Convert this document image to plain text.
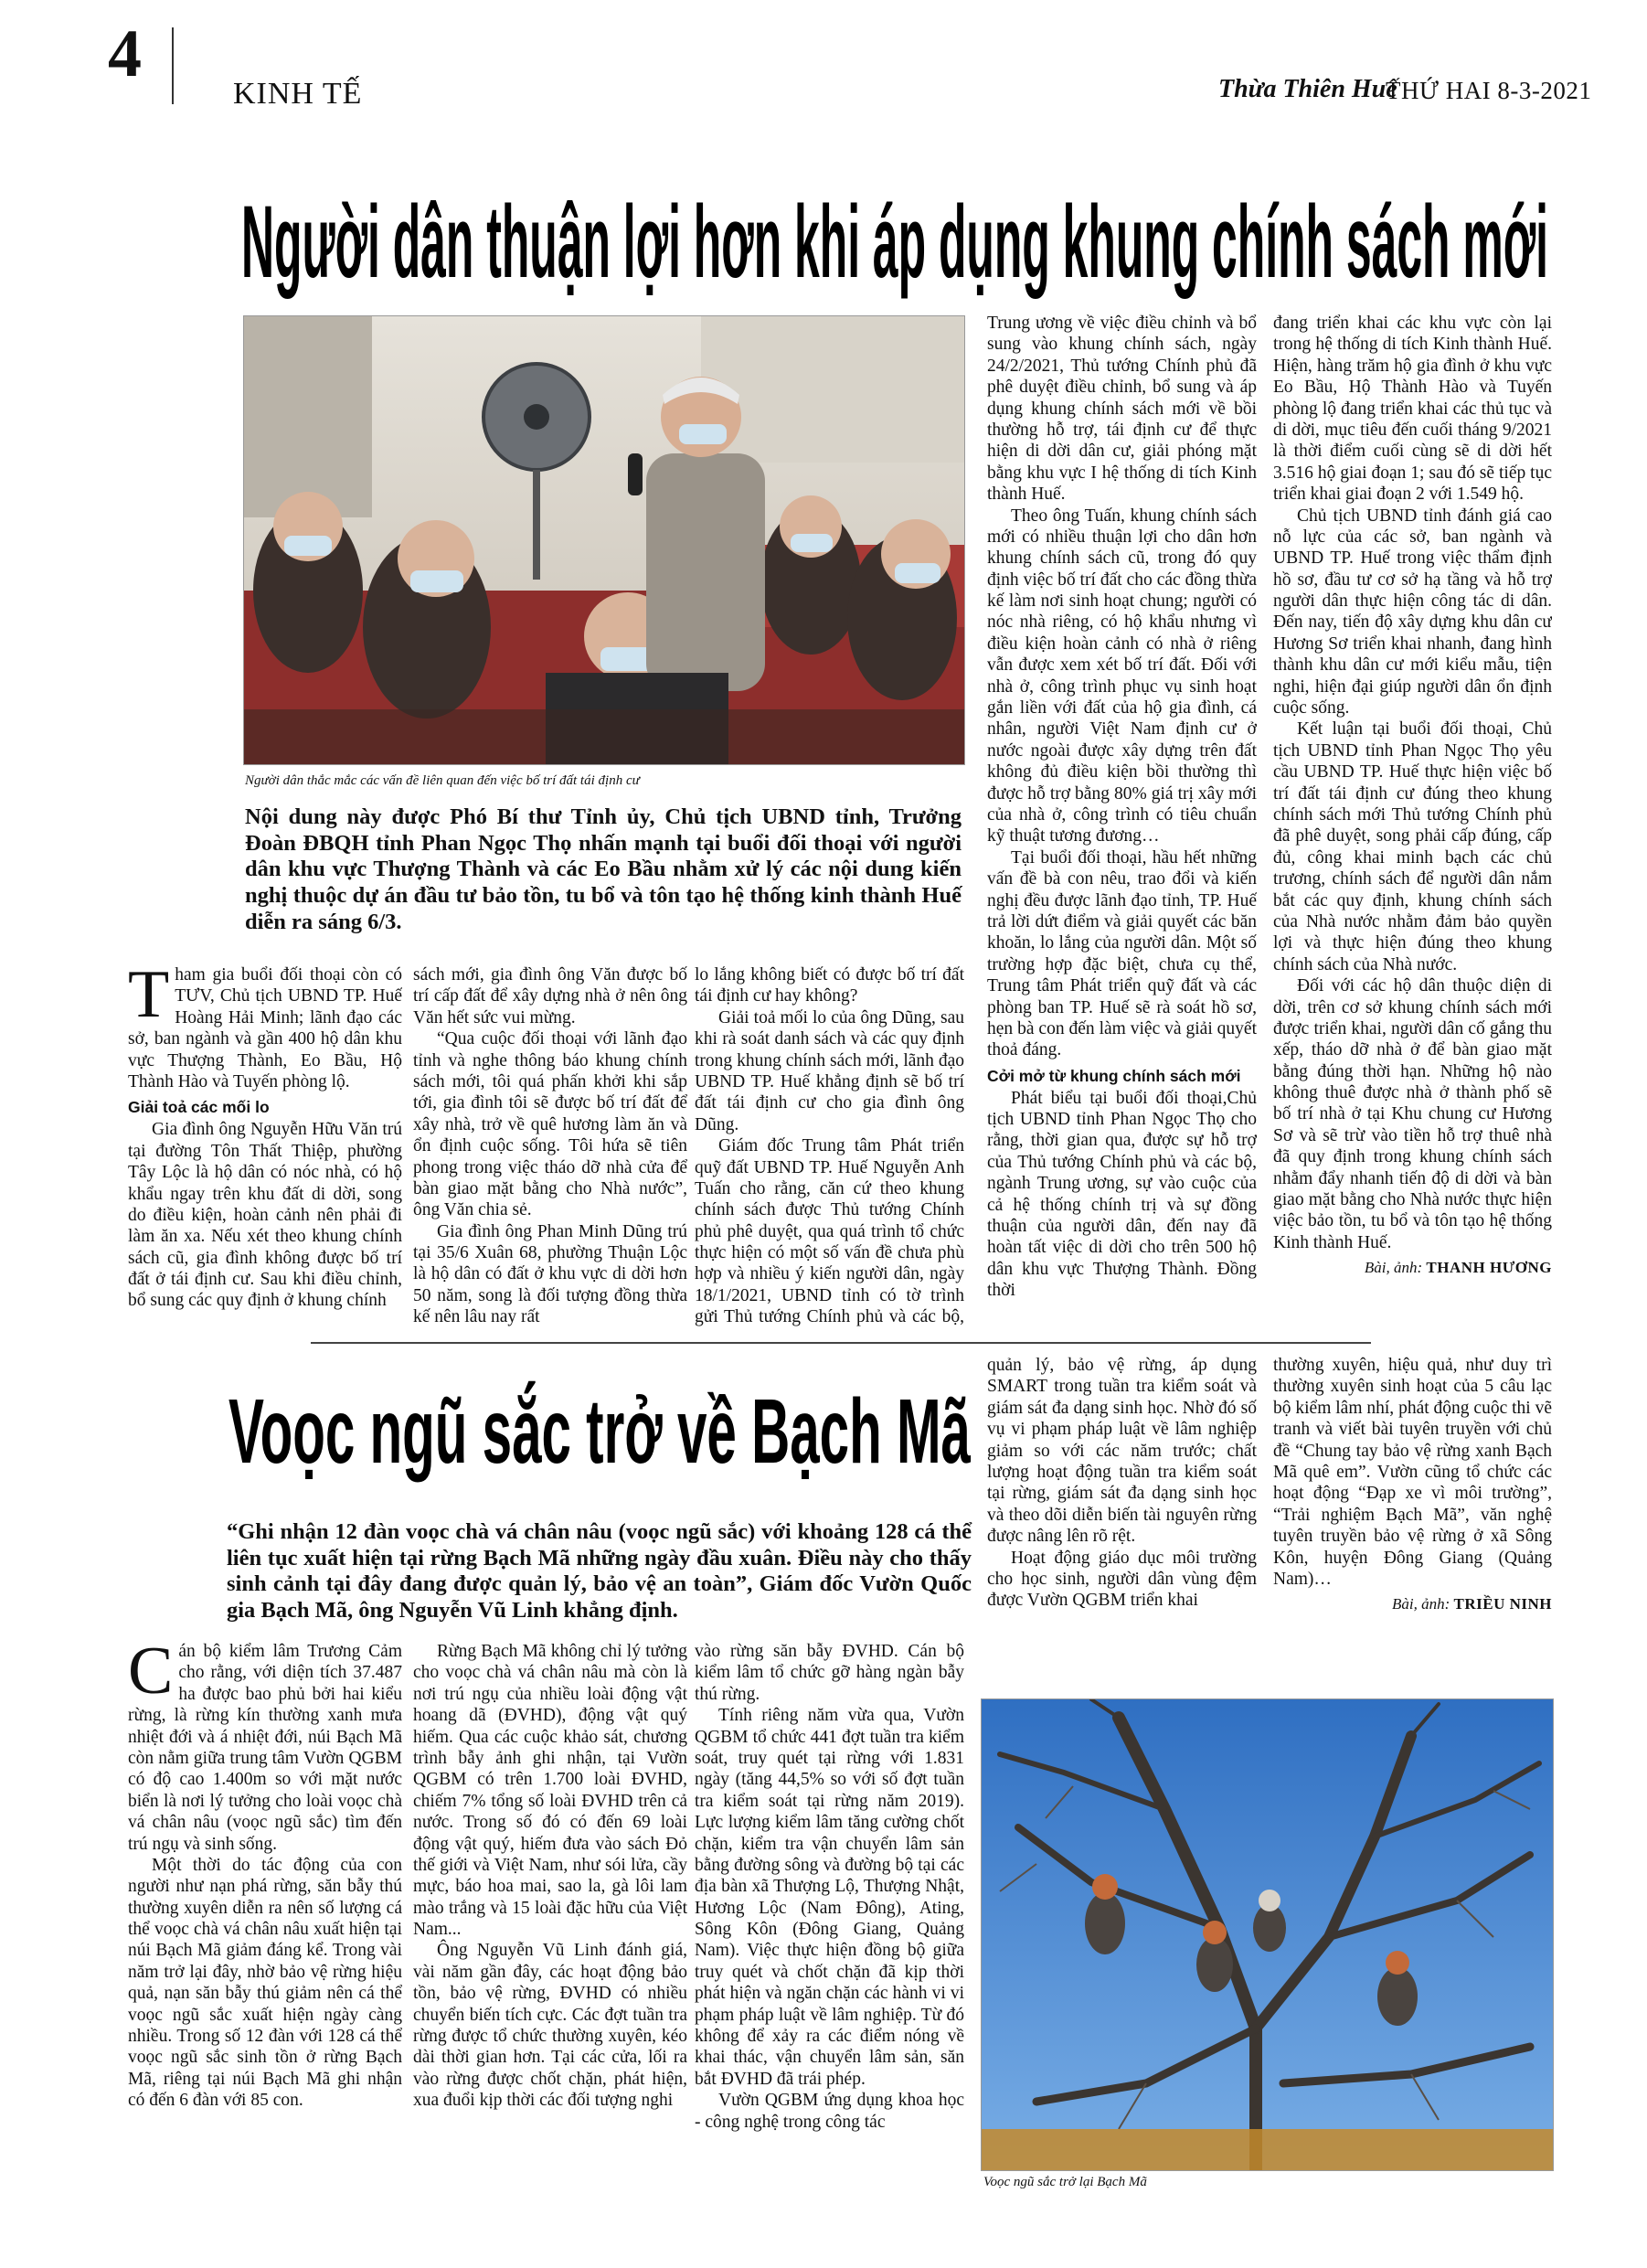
4
KINH TẾ	Thừa Thiên Huế
THỨ HAI 8-3-2021
Người dân thuận lợi hơn khi áp dụng khung chính sách mới
Người dân thắc mắc các vấn đề liên quan đến việc bố trí đất tái định cư
Nội dung này được Phó Bí thư Tỉnh ủy, Chủ tịch UBND tỉnh, Trưởng Đoàn ĐBQH tỉnh Phan Ngọc Thọ nhấn mạnh tại buổi đối thoại với người dân khu vực Thượng Thành và các Eo Bầu nhằm xử lý các nội dung kiến nghị thuộc dự án đầu tư bảo tồn, tu bổ và tôn tạo hệ thống kinh thành Huế diễn ra sáng 6/3.

Tham gia buổi đối thoại còn có TƯV, Chủ tịch UBND TP. Huế Hoàng Hải Minh; lãnh đạo các sở, ban ngành và gần 400 hộ dân khu vực Thượng Thành, Eo Bầu, Hộ Thành Hào và Tuyến phòng lộ.

Giải toả các mối lo

Gia đình ông Nguyễn Hữu Văn trú tại đường Tôn Thất Thiệp, phường Tây Lộc là hộ dân có nóc nhà, có hộ khẩu ngay trên khu đất di dời, song do điều kiện, hoàn cảnh nên phải đi làm ăn xa. Nếu xét theo khung chính sách cũ, gia đình không được bố trí đất ở tái định cư. Sau khi điều chỉnh, bổ sung các quy định ở khung chính

sách mới, gia đình ông Văn được bố trí cấp đất để xây dựng nhà ở nên ông Văn hết sức vui mừng.

“Qua cuộc đối thoại với lãnh đạo tỉnh và nghe thông báo khung chính sách mới, tôi quá phấn khởi khi sắp tới, gia đình tôi sẽ được bố trí đất để xây nhà, trở về quê hương làm ăn và ổn định cuộc sống. Tôi hứa sẽ tiên phong trong việc tháo dỡ nhà cửa để bàn giao mặt bằng cho Nhà nước”, ông Văn chia sẻ.

Gia đình ông Phan Minh Dũng trú tại 35/6 Xuân 68, phường Thuận Lộc là hộ dân có đất ở khu vực di dời hơn 50 năm, song là đối tượng đồng thừa kế nên lâu nay rất

lo lắng không biết có được bố trí đất tái định cư hay không?

Giải toả mối lo của ông Dũng, sau khi rà soát danh sách và các quy định trong khung chính sách mới, lãnh đạo UBND TP. Huế khẳng định sẽ bố trí đất tái định cư cho gia đình ông Dũng.

Giám đốc Trung tâm Phát triển quỹ đất UBND TP. Huế Nguyễn Anh Tuấn cho rằng, căn cứ theo khung chính sách được Thủ tướng Chính phủ phê duyệt, qua quá trình tổ chức thực hiện có một số vấn đề chưa phù hợp và nhiều ý kiến người dân, ngày 18/1/2021, UBND tỉnh có tờ trình gửi Thủ tướng Chính phủ và các bộ,

Trung ương về việc điều chỉnh và bổ sung vào khung chính sách, ngày 24/2/2021, Thủ tướng Chính phủ đã phê duyệt điều chỉnh, bổ sung và áp dụng khung chính sách mới về bồi thường hỗ trợ, tái định cư để thực hiện di dời dân cư, giải phóng mặt bằng khu vực I hệ thống di tích Kinh thành Huế.

Theo ông Tuấn, khung chính sách mới có nhiều thuận lợi cho dân hơn khung chính sách cũ, trong đó quy định việc bố trí đất cho các đồng thừa kế làm nơi sinh hoạt chung; người có nóc nhà riêng, có hộ khẩu nhưng vì điều kiện hoàn cảnh có nhà ở riêng vẫn được xem xét bố trí đất. Đối với nhà ở, công trình phục vụ sinh hoạt gắn liền với đất của hộ gia đình, cá nhân, người Việt Nam định cư ở nước ngoài được xây dựng trên đất không đủ điều kiện bồi thường thì được hỗ trợ bằng 80% giá trị xây mới của nhà ở, công trình có tiêu chuẩn kỹ thuật tương đương…

Tại buổi đối thoại, hầu hết những vấn đề bà con nêu, trao đổi và kiến nghị đều được lãnh đạo tỉnh, TP. Huế trả lời dứt điểm và giải quyết các băn khoăn, lo lắng của người dân. Một số trường hợp đặc biệt, chưa cụ thể, Trung tâm Phát triển quỹ đất và các phòng ban TP. Huế sẽ rà soát hồ sơ, hẹn bà con đến làm việc và giải quyết thoả đáng.

Cởi mở từ khung chính sách mới

Phát biểu tại buổi đối thoại,Chủ tịch UBND tỉnh Phan Ngọc Thọ cho rằng, thời gian qua, được sự hỗ trợ của Thủ tướng Chính phủ và các bộ, ngành Trung ương, sự vào cuộc của cả hệ thống chính trị và sự đồng thuận của người dân, đến nay đã hoàn tất việc di dời cho trên 500 hộ dân khu vực Thượng Thành. Đồng thời

đang triển khai các khu vực còn lại trong hệ thống di tích Kinh thành Huế. Hiện, hàng trăm hộ gia đình ở khu vực Eo Bầu, Hộ Thành Hào và Tuyến phòng lộ đang triển khai các thủ tục và di dời, mục tiêu đến cuối tháng 9/2021 là thời điểm cuối cùng sẽ di dời hết 3.516 hộ giai đoạn 1; sau đó sẽ tiếp tục triển khai giai đoạn 2 với 1.549 hộ.

Chủ tịch UBND tỉnh đánh giá cao nỗ lực của các sở, ban ngành và UBND TP. Huế trong việc thẩm định hồ sơ, đầu tư cơ sở hạ tầng và hỗ trợ người dân thực hiện công tác di dân. Đến nay, tiến độ xây dựng khu dân cư Hương Sơ triển khai nhanh, đang hình thành khu dân cư mới kiểu mẫu, tiện nghi, hiện đại giúp người dân ổn định cuộc sống.

Kết luận tại buổi đối thoại, Chủ tịch UBND tỉnh Phan Ngọc Thọ yêu cầu UBND TP. Huế thực hiện việc bố trí đất tái định cư đúng theo khung chính sách mới Thủ tướng Chính phủ đã phê duyệt, song phải cấp đúng, cấp đủ, công khai minh bạch các chủ trương, chính sách để người dân nắm bắt các quy định, khung chính sách của Nhà nước nhằm đảm bảo quyền lợi và thực hiện đúng theo khung chính sách của Nhà nước.

Đối với các hộ dân thuộc diện di dời, trên cơ sở khung chính sách mới được triển khai, người dân cố gắng thu xếp, tháo dỡ nhà ở để bàn giao mặt bằng đúng thời hạn. Những hộ nào không thuê được nhà ở thành phố sẽ bố trí nhà ở tại Khu chung cư Hương Sơ và sẽ trừ vào tiền hỗ trợ thuê nhà đã quy định trong khung chính sách nhằm đẩy nhanh tiến độ di dời và bàn giao mặt bằng cho Nhà nước thực hiện việc bảo tồn, tu bổ và tôn tạo hệ thống Kinh thành Huế.

Bài, ảnh: THANH HƯƠNG
Voọc ngũ sắc trở về Bạch Mã
“Ghi nhận 12 đàn voọc chà vá chân nâu (voọc ngũ sắc) với khoảng 128 cá thể liên tục xuất hiện tại rừng Bạch Mã những ngày đầu xuân. Điều này cho thấy sinh cảnh tại đây đang được quản lý, bảo vệ an toàn”, Giám đốc Vườn Quốc gia Bạch Mã, ông Nguyễn Vũ Linh khẳng định.

Cán bộ kiểm lâm Trương Cảm cho rằng, với diện tích 37.487 ha được bao phủ bởi hai kiểu rừng, là rừng kín thường xanh mưa nhiệt đới và á nhiệt đới, núi Bạch Mã còn nằm giữa trung tâm Vườn QGBM có độ cao 1.400m so với mặt nước biển là nơi lý tưởng cho loài voọc chà vá chân nâu (voọc ngũ sắc) tìm đến trú ngụ và sinh sống.

Một thời do tác động của con người như nạn phá rừng, săn bẫy thú thường xuyên diễn ra nên số lượng cá thể voọc chà vá chân nâu xuất hiện tại núi Bạch Mã giảm đáng kể. Trong vài năm trở lại đây, nhờ bảo vệ rừng hiệu quả, nạn săn bẫy thú giảm nên cá thể voọc ngũ sắc xuất hiện ngày càng nhiều. Trong số 12 đàn với 128 cá thể voọc ngũ sắc sinh tồn ở rừng Bạch Mã, riêng tại núi Bạch Mã ghi nhận có đến 6 đàn với 85 con.

Rừng Bạch Mã không chỉ lý tưởng cho voọc chà vá chân nâu mà còn là nơi trú ngụ của nhiều loài động vật hoang dã (ĐVHD), động vật quý hiếm. Qua các cuộc khảo sát, chương trình bẫy ảnh ghi nhận, tại Vườn QGBM có trên 1.700 loài ĐVHD, chiếm 7% tổng số loài ĐVHD trên cả nước. Trong số đó có đến 69 loài động vật quý, hiếm đưa vào sách Đỏ thế giới và Việt Nam, như sói lửa, cầy mực, báo hoa mai, sao la, gà lôi lam mào trắng và 15 loài đặc hữu của Việt Nam...

Ông Nguyễn Vũ Linh đánh giá, vài năm gần đây, các hoạt động bảo tồn, bảo vệ rừng, ĐVHD có nhiều chuyển biến tích cực. Các đợt tuần tra rừng được tổ chức thường xuyên, kéo dài thời gian hơn. Tại các cửa, lối ra vào rừng được chốt chặn, phát hiện, xua đuổi kịp thời các đối tượng nghi

vào rừng săn bẫy ĐVHD. Cán bộ kiểm lâm tổ chức gỡ hàng ngàn bẫy thú rừng.

Tính riêng năm vừa qua, Vườn QGBM tổ chức 441 đợt tuần tra kiểm soát, truy quét tại rừng với 1.831 ngày (tăng 44,5% so với số đợt tuần tra kiểm soát tại rừng năm 2019). Lực lượng kiểm lâm tăng cường chốt chặn, kiểm tra vận chuyển lâm sản bằng đường sông và đường bộ tại các địa bàn xã Thượng Lộ, Thượng Nhật, Hương Lộc (Nam Đông), Ating, Sông Kôn (Đông Giang, Quảng Nam). Việc thực hiện đồng bộ giữa truy quét và chốt chặn đã kịp thời phát hiện và ngăn chặn các hành vi vi phạm pháp luật về lâm nghiệp. Từ đó không để xảy ra các điểm nóng về khai thác, vận chuyển lâm sản, săn bắt ĐVHD đã trái phép.

Vườn QGBM ứng dụng khoa học - công nghệ trong công tác

quản lý, bảo vệ rừng, áp dụng SMART trong tuần tra kiểm soát và giám sát đa dạng sinh học. Nhờ đó số vụ vi phạm pháp luật về lâm nghiệp giảm so với các năm trước; chất lượng hoạt động tuần tra kiểm soát tại rừng, giám sát đa dạng sinh học và theo dõi diễn biến tài nguyên rừng được nâng lên rõ rệt.

Hoạt động giáo dục môi trường cho học sinh, người dân vùng đệm được Vườn QGBM triển khai

thường xuyên, hiệu quả, như duy trì thường xuyên sinh hoạt của 5 câu lạc bộ kiểm lâm nhí, phát động cuộc thi vẽ tranh và viết bài tuyên truyền với chủ đề “Chung tay bảo vệ rừng xanh Bạch Mã quê em”. Vườn cũng tổ chức các hoạt động “Đạp xe vì môi trường”, “Trải nghiệm Bạch Mã”, văn nghệ tuyên truyền bảo vệ rừng ở xã Sông Kôn, huyện Đông Giang (Quảng Nam)…

Bài, ảnh: TRIỀU NINH
Voọc ngũ sắc trở lại Bạch Mã
